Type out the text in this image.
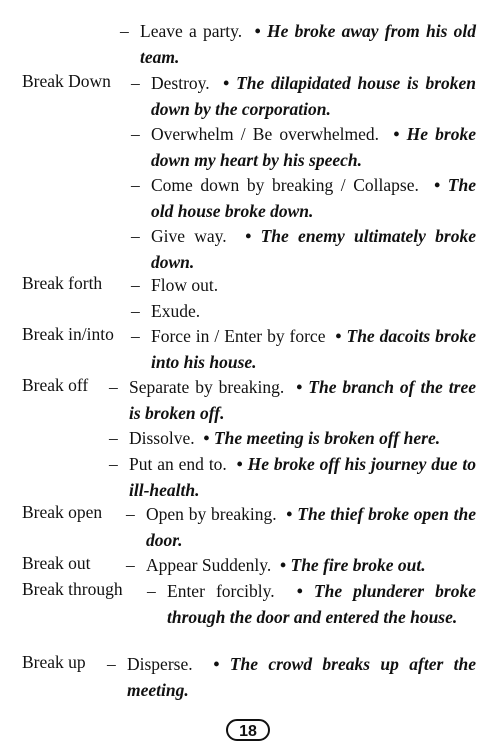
– Leave a party.  • He broke away from his old team.
Break Down – Destroy.  • The dilapidated house is broken down by the corporation.
– Overwhelm / Be overwhelmed.  • He broke down my heart by his speech.
– Come down by breaking / Collapse.  • The old house broke down.
– Give way.  • The enemy ultimately broke down.
Break forth – Flow out.
– Exude.
Break in/into – Force in / Enter by force  • The dacoits broke into his house.
Break off – Separate by breaking.  • The branch of the tree is broken off.
– Dissolve.  • The meeting is broken off here.
– Put an end to.  • He broke off his journey due to ill-health.
Break open – Open by breaking.  • The thief broke open the door.
Break out – Appear Suddenly.  • The fire broke out.
Break through – Enter forcibly.  • The plunderer broke through the door and entered the house.
Break up – Disperse.  • The crowd breaks up after the meeting.
18
